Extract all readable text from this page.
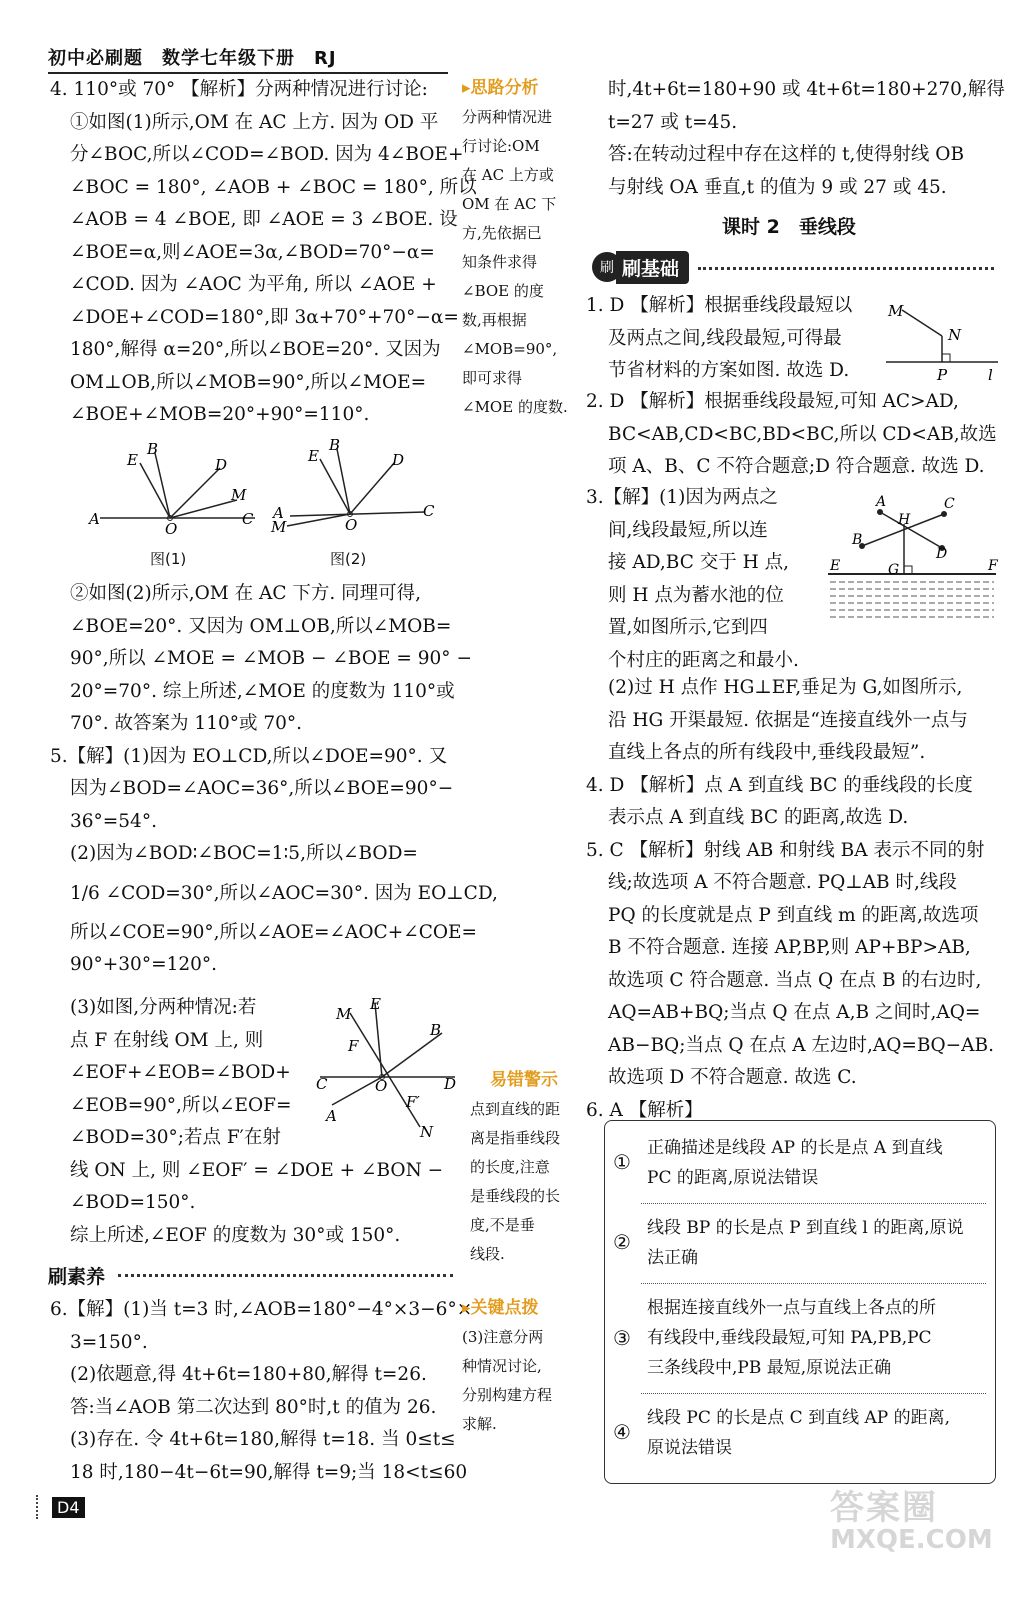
初中必刷题　数学七年级下册　RJ

4. 110°或 70° 【解析】分两种情况进行讨论:

①如图(1)所示,OM 在 AC 上方. 因为 OD 平

分∠BOC,所以∠COD=∠BOD. 因为 4∠BOE+

∠BOC = 180°, ∠AOB + ∠BOC = 180°, 所以

∠AOB = 4 ∠BOE, 即 ∠AOE = 3 ∠BOE. 设

∠BOE=α,则∠AOE=3α,∠BOD=70°−α=

∠COD. 因为 ∠AOC 为平角, 所以 ∠AOE +

∠DOE+∠COD=180°,即 3α+70°+70°−α=

180°,解得 α=20°,所以∠BOE=20°. 又因为

OM⊥OB,所以∠MOB=90°,所以∠MOE=

∠BOE+∠MOB=20°+90°=110°.

E
B
D
M
A
O
C
E
B
D
A
M	O
C
图(1)	图(2)

②如图(2)所示,OM 在 AC 下方. 同理可得,

∠BOE=20°. 又因为 OM⊥OB,所以∠MOB=

90°,所以 ∠MOE = ∠MOB − ∠BOE = 90° −

20°=70°. 综上所述,∠MOE 的度数为 110°或

70°. 故答案为 110°或 70°.

5.【解】(1)因为 EO⊥CD,所以∠DOE=90°. 又

因为∠BOD=∠AOC=36°,所以∠BOE=90°−

36°=54°.

(2)因为∠BOD∶∠BOC=1∶5,所以∠BOD=

1/6 ∠COD=30°,所以∠AOC=30°. 因为 EO⊥CD,

所以∠COE=90°,所以∠AOE=∠AOC+∠COE=

90°+30°=120°.

(3)如图,分两种情况:若

点 F 在射线 OM 上, 则

∠EOF+∠EOB=∠BOD+

∠EOB=90°,所以∠EOF=

∠BOD=30°;若点 F′在射

线 ON 上, 则 ∠EOF′ = ∠DOE + ∠BON −

∠BOD=150°.

综上所述,∠EOF 的度数为 30°或 150°.

M
E
B
F
C	O	D
A
F′
N
刷素养

6.【解】(1)当 t=3 时,∠AOB=180°−4°×3−6°×

3=150°.

(2)依题意,得 4t+6t=180+80,解得 t=26.

答:当∠AOB 第二次达到 80°时,t 的值为 26.

(3)存在. 令 4t+6t=180,解得 t=18. 当 0≤t≤

18 时,180−4t−6t=90,解得 t=9;当 18<t≤60

D4

▸思路分析

分两种情况进

行讨论:OM

在 AC 上方或

OM 在 AC 下

方,先依据已

知条件求得

∠BOE 的度

数,再根据

∠MOB=90°,

即可求得

∠MOE 的度数.

易错警示

点到直线的距

离是指垂线段

的长度,注意

是垂线段的长

度,不是垂

线段.

▸关键点拨

(3)注意分两

种情况讨论,

分别构建方程

求解.

时,4t+6t=180+90 或 4t+6t=180+270,解得

t=27 或 t=45.

答:在转动过程中存在这样的 t,使得射线 OB

与射线 OA 垂直,t 的值为 9 或 27 或 45.

课时 2　垂线段
刷 刷基础

1. D 【解析】根据垂线段最短以

及两点之间,线段最短,可得最

节省材料的方案如图. 故选 D.

M
N
P	l

2. D 【解析】根据垂线段最短,可知 AC>AD,

BC<AB,CD<BC,BD<BC,所以 CD<AB,故选

项 A、B、C 不符合题意;D 符合题意. 故选 D.

3.【解】(1)因为两点之

间,线段最短,所以连

接 AD,BC 交于 H 点,

则 H 点为蓄水池的位

置,如图所示,它到四

个村庄的距离之和最小.

A	C
H
B
D
E	G	F

(2)过 H 点作 HG⊥EF,垂足为 G,如图所示,

沿 HG 开渠最短. 依据是“连接直线外一点与

直线上各点的所有线段中,垂线段最短”.

4. D 【解析】点 A 到直线 BC 的垂线段的长度

表示点 A 到直线 BC 的距离,故选 D.

5. C 【解析】射线 AB 和射线 BA 表示不同的射

线;故选项 A 不符合题意. PQ⊥AB 时,线段

PQ 的长度就是点 P 到直线 m 的距离,故选项

B 不符合题意. 连接 AP,BP,则 AP+BP>AB,

故选项 C 符合题意. 当点 Q 在点 B 的右边时,

AQ=AB+BQ;当点 Q 在点 A,B 之间时,AQ=

AB−BQ;当点 Q 在点 A 左边时,AQ=BQ−AB.

故选项 D 不符合题意. 故选 C.

6. A 【解析】

①
正确描述是线段 AP 的长是点 A 到直线
PC 的距离,原说法错误
②
线段 BP 的长是点 P 到直线 l 的距离,原说
法正确
③
根据连接直线外一点与直线上各点的所
有线段中,垂线段最短,可知 PA,PB,PC
三条线段中,PB 最短,原说法正确
④
线段 PC 的长是点 C 到直线 AP 的距离,
原说法错误
答案圈
MXQE.COM
